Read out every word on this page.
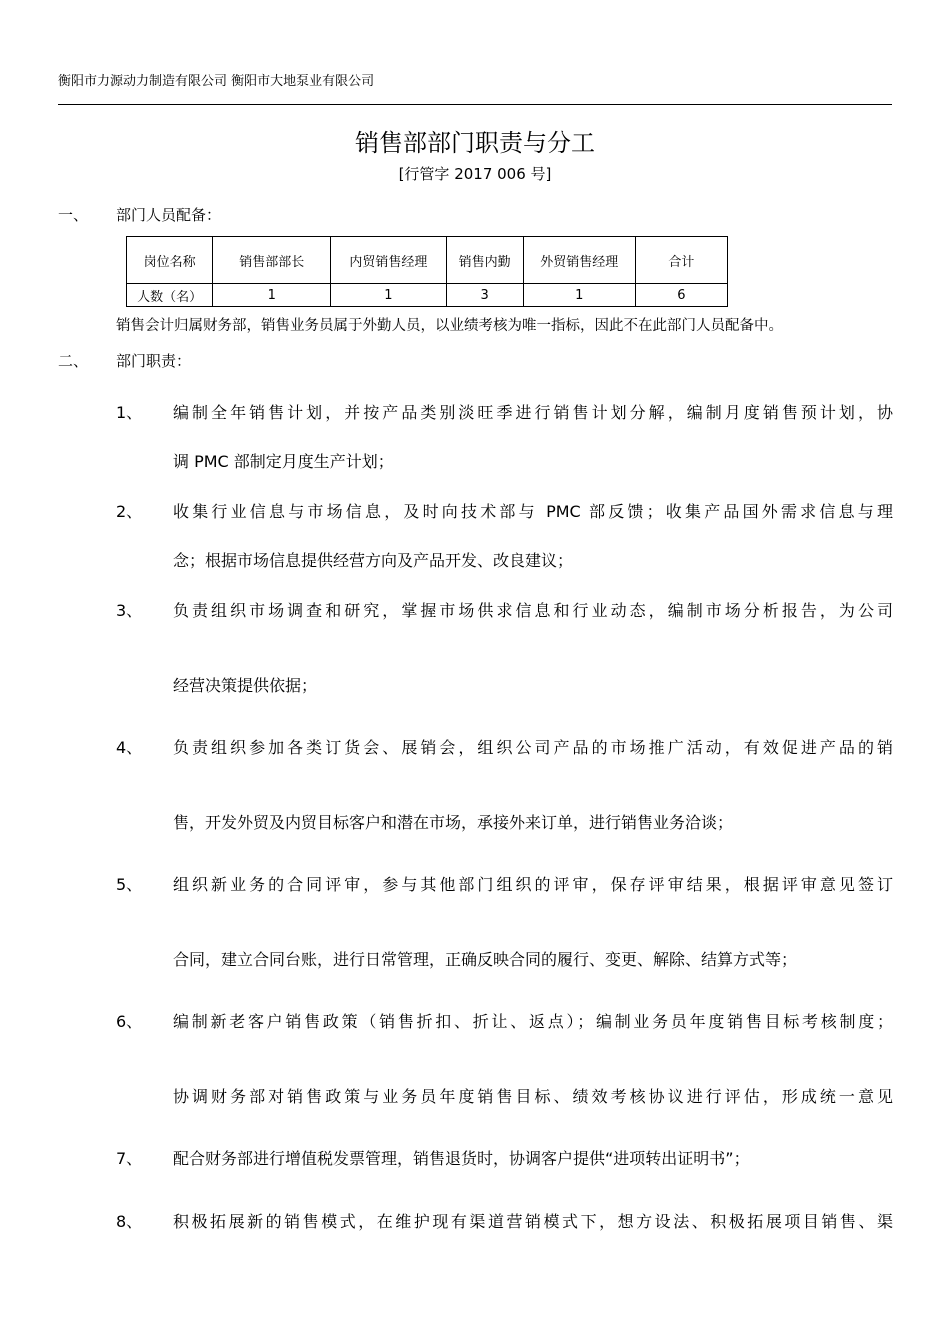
衡阳市力源动力制造有限公司 衡阳市大地泵业有限公司
销售部部门职责与分工
[行管字 2017 006 号]
一、 部门人员配备：
岗位名称	销售部部长	内贸销售经理	销售内勤	外贸销售经理	合计
人数（名）	1	1	3	1	6
销售会计归属财务部，销售业务员属于外勤人员，以业绩考核为唯一指标，因此不在此部门人员配备中。
二、 部门职责：
1、 编制全年销售计划，并按产品类别淡旺季进行销售计划分解，编制月度销售预计划，协
调 PMC 部制定月度生产计划；
2、 收集行业信息与市场信息，及时向技术部与 PMC 部反馈；收集产品国外需求信息与理
念；根据市场信息提供经营方向及产品开发、改良建议；
3、 负责组织市场调查和研究，掌握市场供求信息和行业动态，编制市场分析报告，为公司
经营决策提供依据；
4、 负责组织参加各类订货会、展销会，组织公司产品的市场推广活动，有效促进产品的销
售，开发外贸及内贸目标客户和潜在市场，承接外来订单，进行销售业务洽谈；
5、 组织新业务的合同评审，参与其他部门组织的评审，保存评审结果，根据评审意见签订
合同，建立合同台账，进行日常管理，正确反映合同的履行、变更、解除、结算方式等；
6、 编制新老客户销售政策（销售折扣、折让、返点）；编制业务员年度销售目标考核制度；
协调财务部对销售政策与业务员年度销售目标、绩效考核协议进行评估，形成统一意见
7、 配合财务部进行增值税发票管理，销售退货时，协调客户提供“进项转出证明书”；
8、 积极拓展新的销售模式，在维护现有渠道营销模式下，想方设法、积极拓展项目销售、渠
